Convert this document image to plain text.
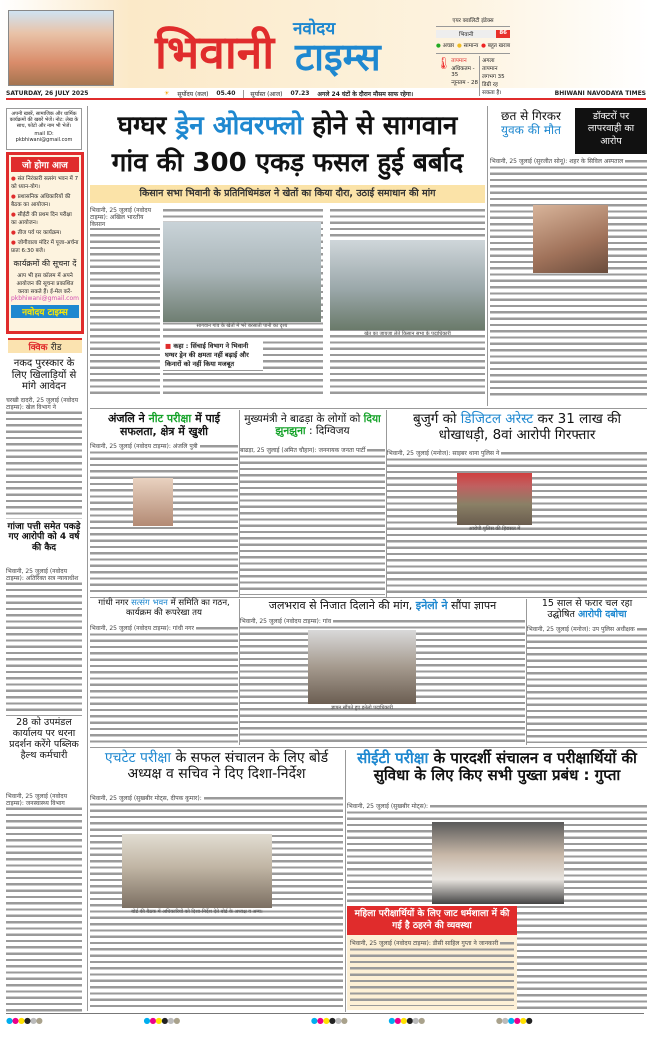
भिवानी नवोदय
टाइम्स
एयर क्वालिटी इंडेक्स
भिवानी	86
● अच्छा ● सामान्य ● बहुत खराब
🌡 तापमान
अधिकतम - 35
न्यूनतम - 28
अगला तापमान लगभग 35 डिग्री रह सकता है।
SATURDAY, 26 JULY 2025	☀ सूर्योदय (कल) 05.40	सूर्यास्त (आज) 07.23 अगले 24 घंटों के दौरान मौसम साफ रहेगा।	BHIWANI NAVODAYA TIMES
अपनी खबरें, सामाजिक और धार्मिक कार्यक्रमों की खबरें भेजें। नोट: लेख के साथ, फोटो और नाम भी भेजें।
mail ID: pkbhiwani@gmail.com
जो होगा आज
● संत निरंकारी सत्संग भवन में 7 को ध्यान-योग।
● प्रशासनिक अधिकारियों की बैठक का आयोजन।
● सीईटी की प्रथम दिन परीक्षा का आयोजन।
● तीज पर्व पर कार्यक्रम।
● जोगीवाला मंदिर में पूजा-अर्चना प्रातः 6:30 बजे।
कार्यक्रमों की सूचना दें
आप भी इस कॉलम में अपने आयोजन की सूचना प्रकाशित करवा सकते हैं। ई-मेल करें-
pkbhiwani@gmail.com
नवोदय टाइम्स
क्विक रीड
नकद पुरस्कार के लिए खिलाड़ियों से मांगे आवेदन
चरखी दादरी, 25 जुलाई (नवोदय टाइम्स): खेल विभाग ने
गांजा पत्ती समेत पकड़े गए आरोपी को 4 वर्ष की कैद
भिवानी, 25 जुलाई (नवोदय टाइम्स): अतिरिक्त सत्र न्यायाधीश
28 को उपमंडल कार्यालय पर धरना प्रदर्शन करेंगे पब्लिक हैल्थ कर्मचारी
भिवानी, 25 जुलाई (नवोदय टाइम्स): जनस्वास्थ्य विभाग
घग्घर ड्रेन ओवरफ्लो होने से सागवान
गांव की 300 एकड़ फसल हुई बर्बाद
किसान सभा भिवानी के प्रतिनिधिमंडल ने खेतों का किया दौरा, उठाई समाधान की मांग
भिवानी, 25 जुलाई (नवोदय टाइम्स): अखिल भारतीय किसान
सागवान गांव के खेतों में भरे बरसाती पानी का दृश्य
■ कहा : सिंचाई विभाग ने भिवानी घग्घर ड्रेन की क्षमता नहीं बढ़ाई और किनारों को नहीं किया मजबूत
खेत का जायजा लेते किसान सभा के पदाधिकारी
छत से गिरकर
युवक की मौत
डॉक्टरों पर लापरवाही का आरोप
भिवानी, 25 जुलाई (सुरजीत सोनू): शहर के सिविल अस्पताल
अंजलि ने नीट परीक्षा में पाई सफलता, क्षेत्र में खुशी
भिवानी, 25 जुलाई (नवोदय टाइम्स): अंजलि पुत्री
मुख्यमंत्री ने बाढड़ा के लोगों को दिया झुनझुना : दिग्विजय
बाढड़ा, 25 जुलाई (अमित चौहान): जननायक जनता पार्टी
बुजुर्ग को डिजिटल अरेस्ट कर 31 लाख की धोखाधड़ी, 8वां आरोपी गिरफ्तार
भिवानी, 25 जुलाई (मनोज): साइबर थाना पुलिस ने
आरोपी पुलिस की हिरासत में
गांधी नगर सत्संग भवन में समिति का गठन, कार्यक्रम की रूपरेखा तय
भिवानी, 25 जुलाई (नवोदय टाइम्स): गांधी नगर
जलभराव से निजात दिलाने की मांग, इनेलो ने सौंपा ज्ञापन
भिवानी, 25 जुलाई (नवोदय टाइम्स): गांव
ज्ञापन सौंपते हुए इनेलो पदाधिकारी
15 साल से फरार चल रहा उद्घोषित आरोपी दबोचा
भिवानी, 25 जुलाई (मनोज): उप पुलिस अधीक्षक
एचटेट परीक्षा के सफल संचालन के लिए बोर्ड अध्यक्ष व सचिव ने दिए दिशा-निर्देश
भिवानी, 25 जुलाई (सुखबीर मोट्स, दीपक कुमार):
बोर्ड की बैठक में अधिकारियों को दिशा-निर्देश देते बोर्ड के अध्यक्ष व अन्य।
सीईटी परीक्षा के पारदर्शी संचालन व परीक्षार्थियों की सुविधा के लिए किए सभी पुख्ता प्रबंध : गुप्ता
भिवानी, 25 जुलाई (सुखबीर मोट्स):
महिला परीक्षार्थियों के लिए जाट धर्मशाला में की गई है ठहरने की व्यवस्था
भिवानी, 25 जुलाई (नवोदय टाइम्स): डीसी साहिल गुप्ता ने जानकारी
●●●●●●	●●●●●●	●●●●●●	●●●●●●	●●●●●●
